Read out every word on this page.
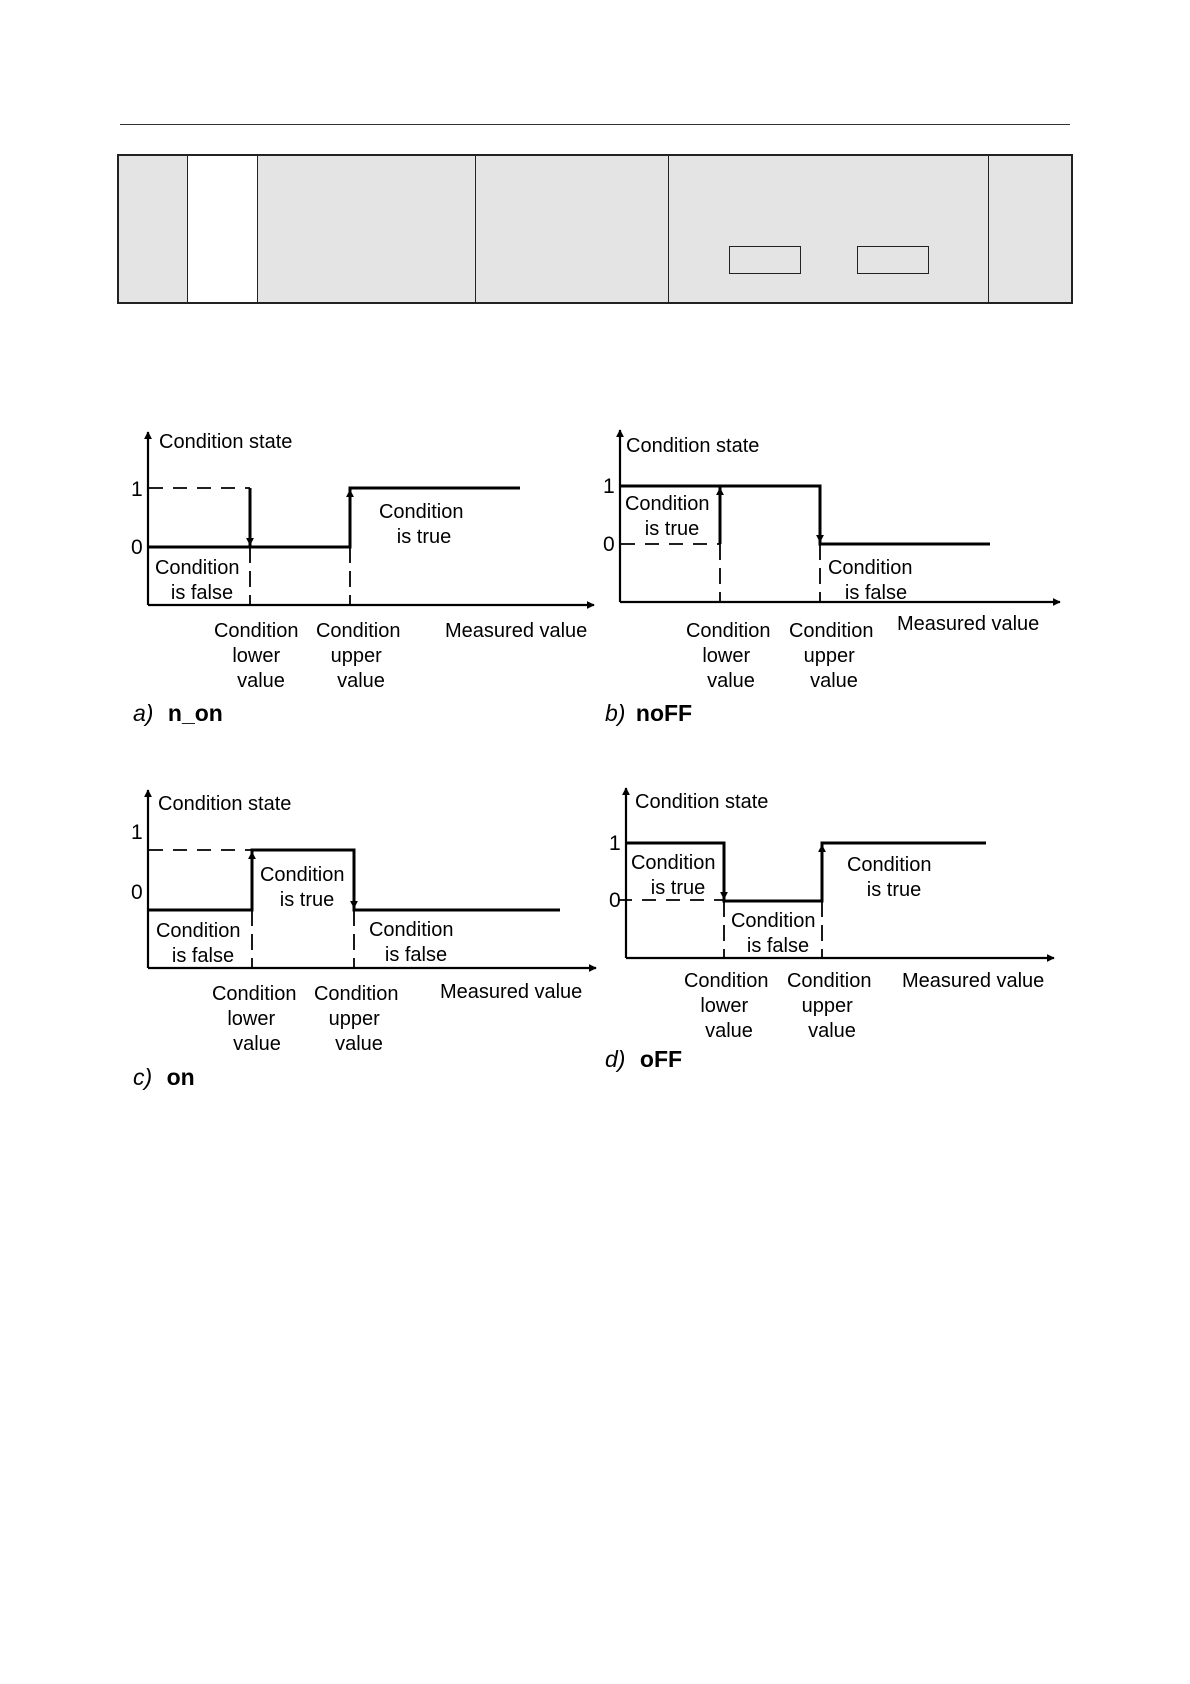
Condition state
1
0
Condition is true
Condition is false
Condition lower value
Condition upper value
Measured value
a) n_on
Condition state
1
0
Condition is true
Condition is false
Condition lower value
Condition upper value
Measured value
b) noFF
Condition state
1
0
Condition is true
Condition is false
Condition is false
Condition lower value
Condition upper value
Measured value
c) on
Condition state
1
0
Condition is true
Condition is true
Condition is false
Condition lower value
Condition upper value
Measured value
d) oFF
